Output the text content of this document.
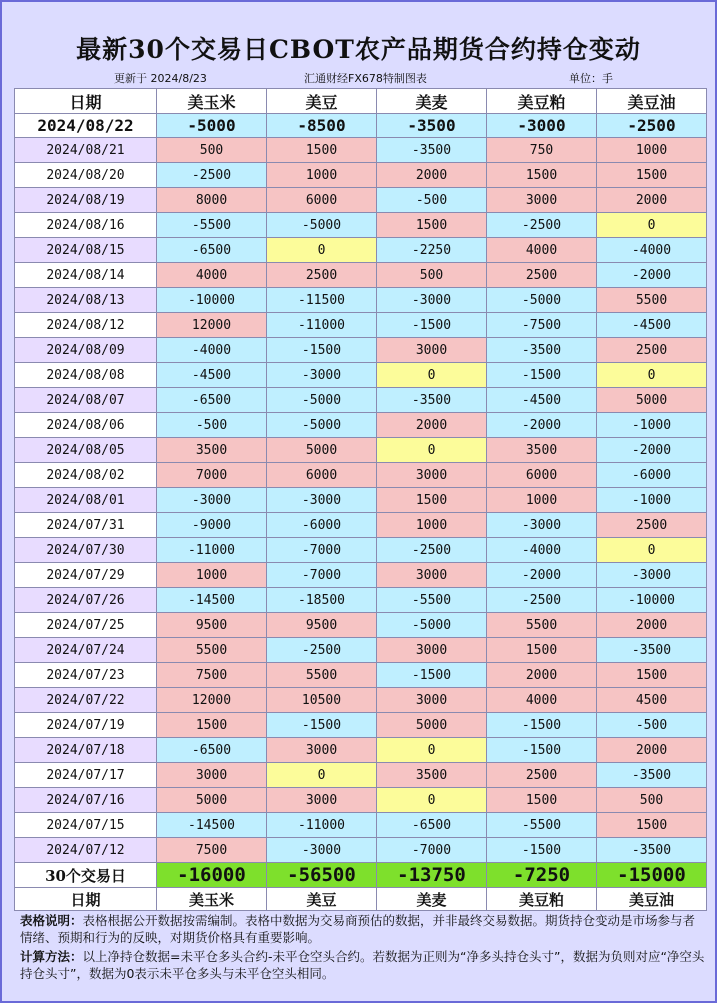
最新30个交易日CBOT农产品期货合约持仓变动
更新于 2024/8/23	汇通财经FX678特制图表	单位：手
日期	美玉米	美豆	美麦	美豆粕	美豆油
2024/08/22	-5000	-8500	-3500	-3000	-2500
2024/08/21	500	1500	-3500	750	1000
2024/08/20	-2500	1000	2000	1500	1500
2024/08/19	8000	6000	-500	3000	2000
2024/08/16	-5500	-5000	1500	-2500	0
2024/08/15	-6500	0	-2250	4000	-4000
2024/08/14	4000	2500	500	2500	-2000
2024/08/13	-10000	-11500	-3000	-5000	5500
2024/08/12	12000	-11000	-1500	-7500	-4500
2024/08/09	-4000	-1500	3000	-3500	2500
2024/08/08	-4500	-3000	0	-1500	0
2024/08/07	-6500	-5000	-3500	-4500	5000
2024/08/06	-500	-5000	2000	-2000	-1000
2024/08/05	3500	5000	0	3500	-2000
2024/08/02	7000	6000	3000	6000	-6000
2024/08/01	-3000	-3000	1500	1000	-1000
2024/07/31	-9000	-6000	1000	-3000	2500
2024/07/30	-11000	-7000	-2500	-4000	0
2024/07/29	1000	-7000	3000	-2000	-3000
2024/07/26	-14500	-18500	-5500	-2500	-10000
2024/07/25	9500	9500	-5000	5500	2000
2024/07/24	5500	-2500	3000	1500	-3500
2024/07/23	7500	5500	-1500	2000	1500
2024/07/22	12000	10500	3000	4000	4500
2024/07/19	1500	-1500	5000	-1500	-500
2024/07/18	-6500	3000	0	-1500	2000
2024/07/17	3000	0	3500	2500	-3500
2024/07/16	5000	3000	0	1500	500
2024/07/15	-14500	-11000	-6500	-5500	1500
2024/07/12	7500	-3000	-7000	-1500	-3500
30个交易日	-16000	-56500	-13750	-7250	-15000
日期	美玉米	美豆	美麦	美豆粕	美豆油

表格说明：表格根据公开数据按需编制。表格中数据为交易商预估的数据，并非最终交易数据。期货持仓变动是市场参与者情绪、预期和行为的反映，对期货价格具有重要影响。

计算方法：以上净持仓数据=未平仓多头合约-未平仓空头合约。若数据为正则为“净多头持仓头寸”，数据为负则对应“净空头持仓头寸”，数据为0表示未平仓多头与未平仓空头相同。
